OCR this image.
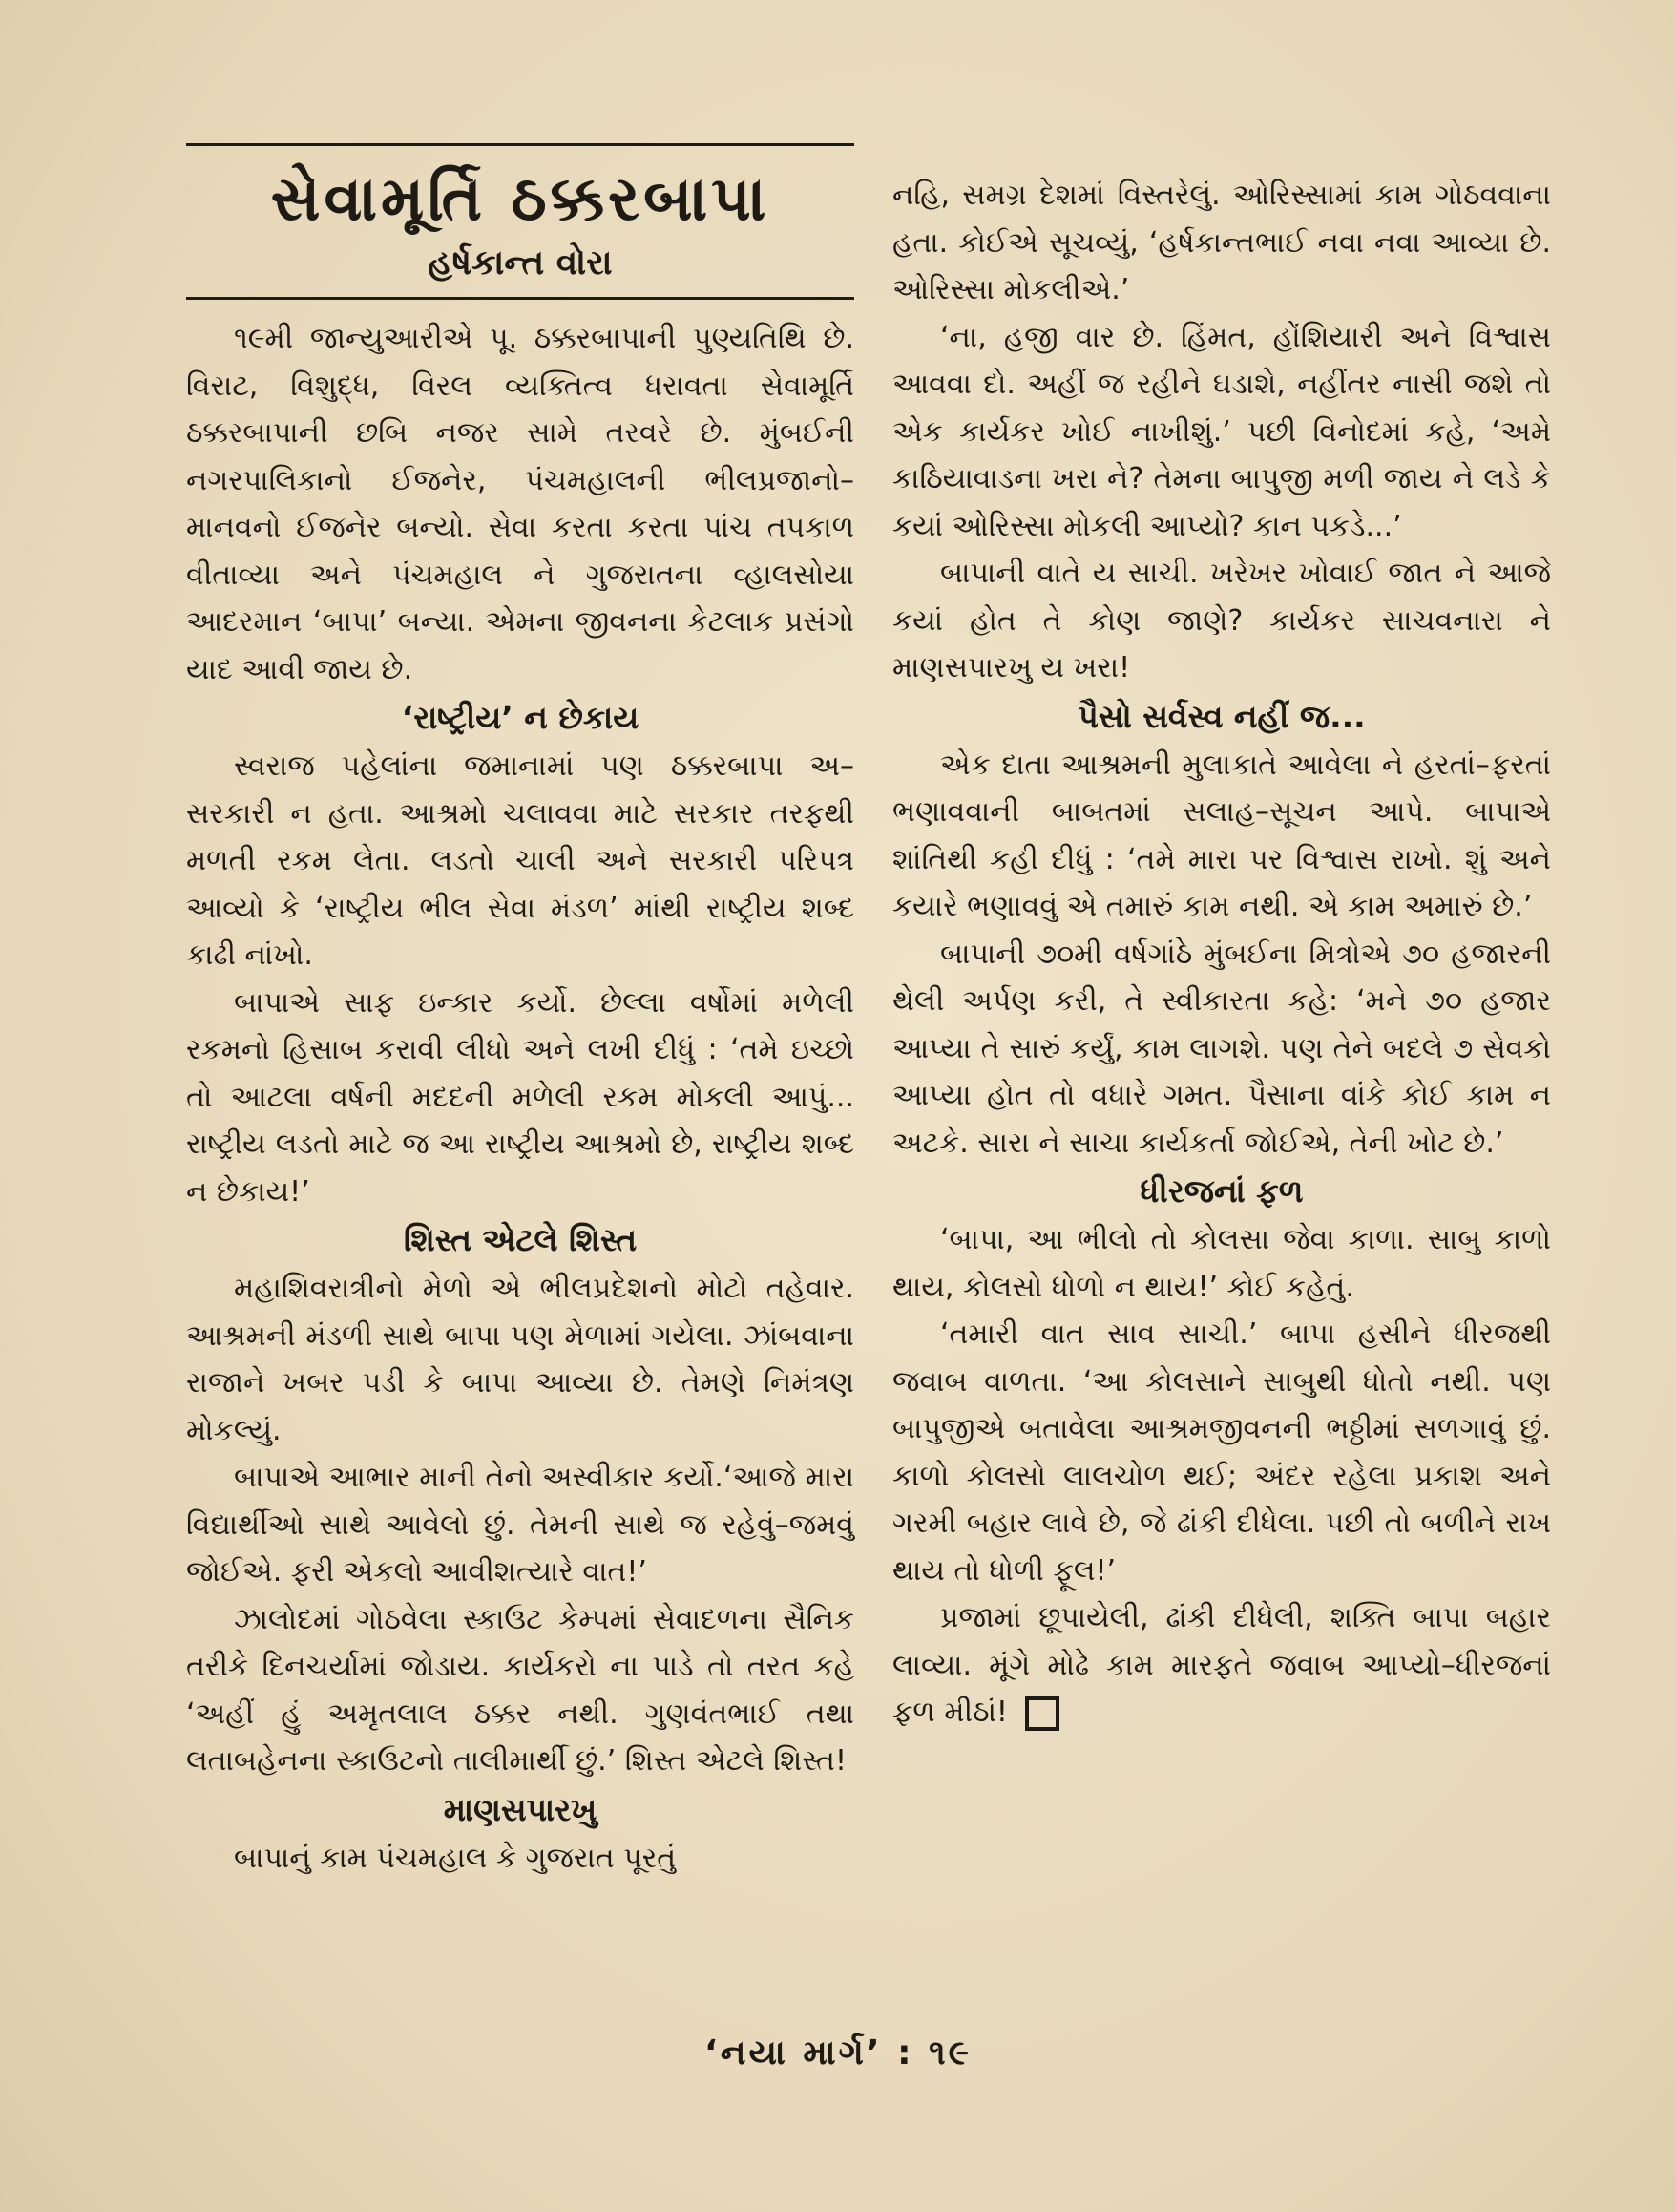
સેવામૂર્તિ ઠક્કરબાપા
હર્ષકાન્ત વોરા

૧૯મી જાન્યુઆરીએ પૂ. ઠક્કરબાપાની પુણ્યતિથિ છે. વિરાટ, વિશુદ્ધ, વિરલ વ્યક્તિત્વ ધરાવતા સેવામૂર્તિ ઠક્કરબાપાની છબિ નજર સામે તરવરે છે. મુંબઈની નગરપાલિકાનો ઈજનેર, પંચમહાલની ભીલપ્રજાનો–માનવનો ઈજનેર બન્યો. સેવા કરતા કરતા પાંચ તપકાળ વીતાવ્યા અને પંચમહાલ ને ગુજરાતના વ્હાલસોયા આદરમાન ‘બાપા’ બન્યા. એમના જીવનના કેટલાક પ્રસંગો યાદ આવી જાય છે.

‘રાષ્ટ્રીય’ ન છેકાય

સ્વરાજ પહેલાંના જમાનામાં પણ ઠક્કરબાપા અ–સરકારી ન હતા. આશ્રમો ચલાવવા માટે સરકાર તરફથી મળતી રકમ લેતા. લડતો ચાલી અને સરકારી પરિપત્ર આવ્યો કે ‘રાષ્ટ્રીય ભીલ સેવા મંડળ’ માંથી રાષ્ટ્રીય શબ્દ કાઢી નાંખો.

બાપાએ સાફ ઇન્કાર કર્યો. છેલ્લા વર્ષોમાં મળેલી રકમનો હિસાબ કરાવી લીધો અને લખી દીધું : ‘તમે ઇચ્છો તો આટલા વર્ષની મદદની મળેલી રકમ મોકલી આપું... રાષ્ટ્રીય લડતો માટે જ આ રાષ્ટ્રીય આશ્રમો છે, રાષ્ટ્રીય શબ્દ ન છેકાય!’

શિસ્ત એટલે શિસ્ત

મહાશિવરાત્રીનો મેળો એ ભીલપ્રદેશનો મોટો તહેવાર. આશ્રમની મંડળી સાથે બાપા પણ મેળામાં ગયેલા. ઝાંબવાના રાજાને ખબર પડી કે બાપા આવ્યા છે. તેમણે નિમંત્રણ મોકલ્યું.

બાપાએ આભાર માની તેનો અસ્વીકાર કર્યો.‘આજે મારા વિદ્યાર્થીઓ સાથે આવેલો છું. તેમની સાથે જ રહેવું–જમવું જોઈએ. ફરી એકલો આવીશત્યારે વાત!’

ઝાલોદમાં ગોઠવેલા સ્કાઉટ કેમ્પમાં સેવાદળના સૈનિક તરીકે દિનચર્યામાં જોડાય. કાર્યકરો ના પાડે તો તરત કહે ‘અહીં હું અમૃતલાલ ઠક્કર નથી. ગુણવંતભાઈ તથા લતાબહેનના સ્કાઉટનો તાલીમાર્થી છું.’ શિસ્ત એટલે શિસ્ત!

માણસપારખુ

બાપાનું કામ પંચમહાલ કે ગુજરાત પૂરતું

નહિ, સમગ્ર દેશમાં વિસ્તરેલું. ઓરિસ્સામાં કામ ગોઠવવાના હતા. કોઈએ સૂચવ્યું, ‘હર્ષકાન્તભાઈ નવા નવા આવ્યા છે. ઓરિસ્સા મોકલીએ.’

‘ના, હજી વાર છે. હિંમત, હોંશિયારી અને વિશ્વાસ આવવા દો. અહીં જ રહીને ઘડાશે, નહીંતર નાસી જશે તો એક કાર્યકર ખોઈ નાખીશું.’ પછી વિનોદમાં કહે, ‘અમે કાઠિયાવાડના ખરા ને? તેમના બાપુજી મળી જાય ને લડે કે કયાં ઓરિસ્સા મોકલી આપ્યો? કાન પકડે...’

બાપાની વાતે ય સાચી. ખરેખર ખોવાઈ જાત ને આજે કયાં હોત તે કોણ જાણે? કાર્યકર સાચવનારા ને માણસપારખુ ય ખરા!

પૈસો સર્વસ્વ નહીં જ...

એક દાતા આશ્રમની મુલાકાતે આવેલા ને હરતાં–ફરતાં ભણાવવાની બાબતમાં સલાહ–સૂચન આપે. બાપાએ શાંતિથી કહી દીધું : ‘તમે મારા પર વિશ્વાસ રાખો. શું અને કયારે ભણાવવું એ તમારું કામ નથી. એ કામ અમારું છે.’

બાપાની ૭૦મી વર્ષગાંઠે મુંબઈના મિત્રોએ ૭૦ હજારની થેલી અર્પણ કરી, તે સ્વીકારતા કહે: ‘મને ૭૦ હજાર આપ્યા તે સારું કર્યું, કામ લાગશે. પણ તેને બદલે ૭ સેવકો આપ્યા હોત તો વધારે ગમત. પૈસાના વાંકે કોઈ કામ ન અટકે. સારા ને સાચા કાર્યકર્તા જોઈએ, તેની ખોટ છે.’

ધીરજનાં ફળ

‘બાપા, આ ભીલો તો કોલસા જેવા કાળા. સાબુ કાળો થાય, કોલસો ધોળો ન થાય!’ કોઈ કહેતું.

‘તમારી વાત સાવ સાચી.’ બાપા હસીને ધીરજથી જવાબ વાળતા. ‘આ કોલસાને સાબુથી ધોતો નથી. પણ બાપુજીએ બતાવેલા આશ્રમજીવનની ભઠ્ઠીમાં સળગાવું છું. કાળો કોલસો લાલચોળ થઈ; અંદર રહેલા પ્રકાશ અને ગરમી બહાર લાવે છે, જે ઢાંકી દીધેલા. પછી તો બળીને રાખ થાય તો ધોળી ફૂલ!’

પ્રજામાં છૂપાયેલી, ઢાંકી દીધેલી, શક્તિ બાપા બહાર લાવ્યા. મૂંગે મોઢે કામ મારફતે જવાબ આપ્યો–ધીરજનાં ફળ મીઠાં!

‘નયા માર્ગ’ : ૧૯
